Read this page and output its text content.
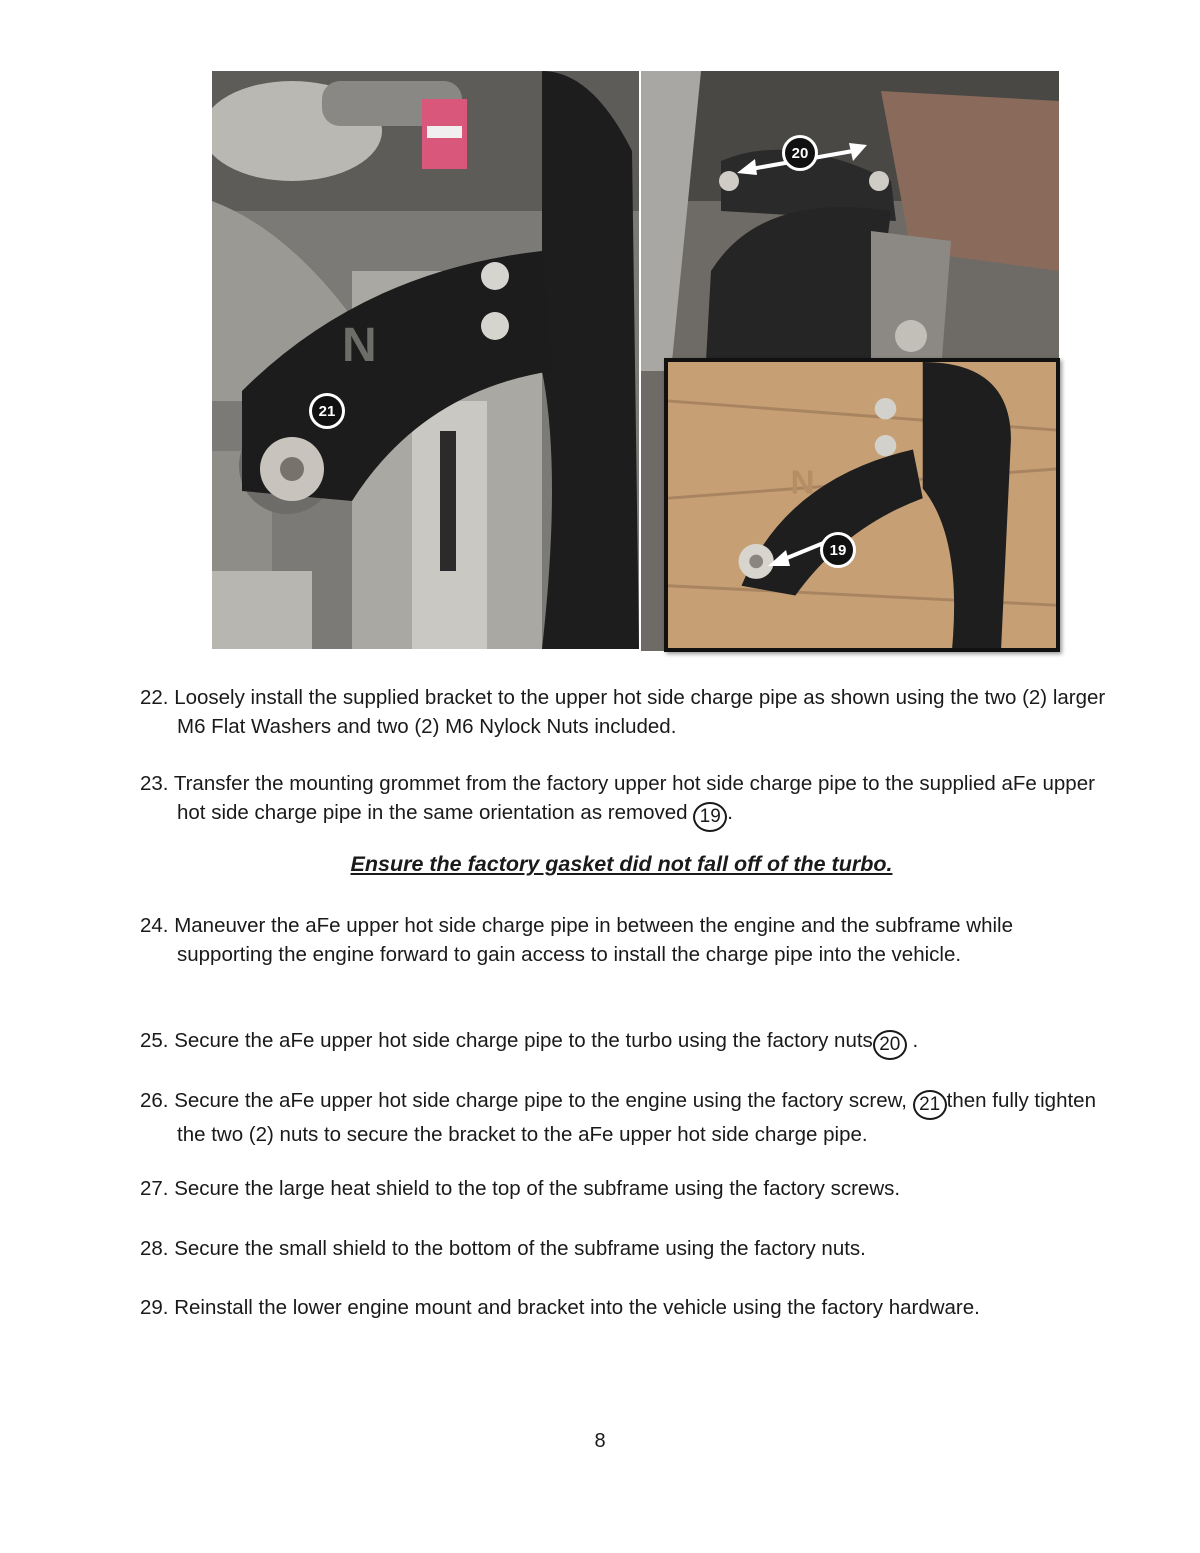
N
21
20
N
19
22. Loosely install the supplied bracket to the upper hot side charge pipe as shown using the two (2) larger M6 Flat Washers and two (2) M6 Nylock Nuts included.
23. Transfer the mounting grommet from the factory upper hot side charge pipe to the supplied aFe upper hot side charge pipe in the same orientation as removed 19 .
Ensure the factory gasket did not fall off of the turbo.
24. Maneuver the aFe upper hot side charge pipe in between the engine and the subframe while supporting the engine forward to gain access to install the charge pipe into the vehicle.
25. Secure the aFe upper hot side charge pipe to the turbo using the factory nuts 20 .
26. Secure the aFe upper hot side charge pipe to the engine using the factory screw, 21 then fully tighten the two (2) nuts to secure the bracket to the aFe upper hot side charge pipe.
27. Secure the large heat shield to the top of the subframe using the factory screws.
28. Secure the small shield to the bottom of the subframe using the factory nuts.
29. Reinstall the lower engine mount and bracket into the vehicle using the factory hardware.
8
